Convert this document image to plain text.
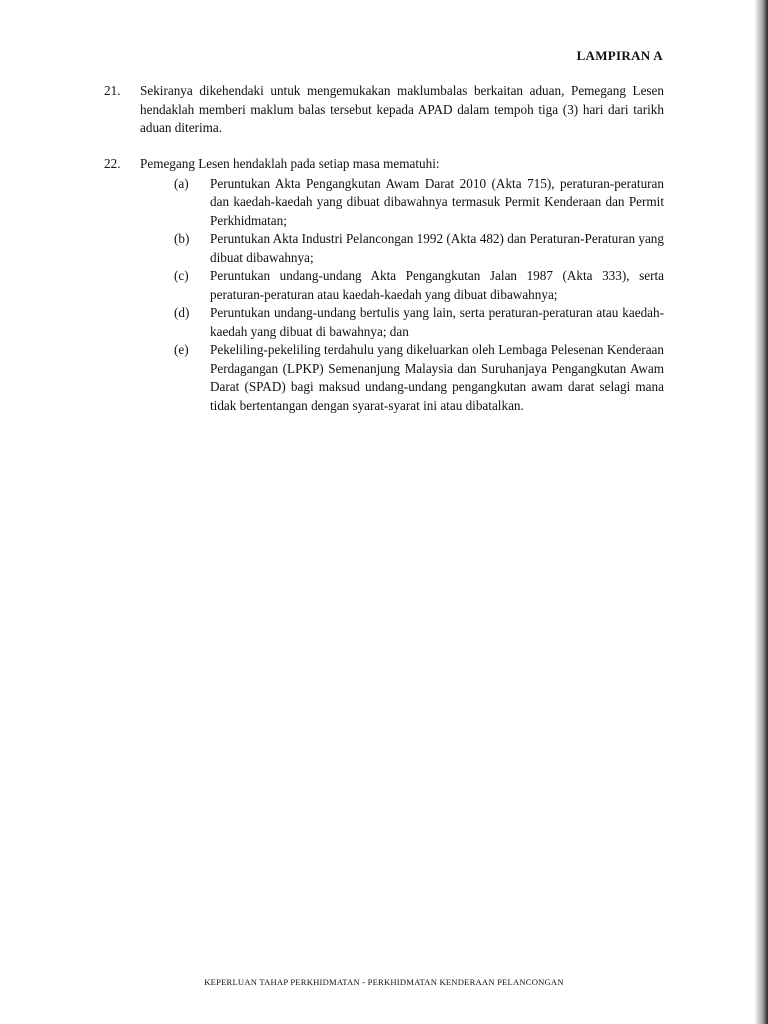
LAMPIRAN A
21.	Sekiranya dikehendaki untuk mengemukakan maklumbalas berkaitan aduan, Pemegang Lesen hendaklah memberi maklum balas tersebut kepada APAD dalam tempoh tiga (3) hari dari tarikh aduan diterima.
22.	Pemegang Lesen hendaklah pada setiap masa mematuhi:
(a) Peruntukan Akta Pengangkutan Awam Darat 2010 (Akta 715), peraturan-peraturan dan kaedah-kaedah yang dibuat dibawahnya termasuk Permit Kenderaan dan Permit Perkhidmatan;
(b) Peruntukan Akta Industri Pelancongan 1992 (Akta 482) dan Peraturan-Peraturan yang dibuat dibawahnya;
(c) Peruntukan undang-undang Akta Pengangkutan Jalan 1987 (Akta 333), serta peraturan-peraturan atau kaedah-kaedah yang dibuat dibawahnya;
(d) Peruntukan undang-undang bertulis yang lain, serta peraturan-peraturan atau kaedah-kaedah yang dibuat di bawahnya; dan
(e) Pekeliling-pekeliling terdahulu yang dikeluarkan oleh Lembaga Pelesenan Kenderaan Perdagangan (LPKP) Semenanjung Malaysia dan Suruhanjaya Pengangkutan Awam Darat (SPAD) bagi maksud undang-undang pengangkutan awam darat selagi mana tidak bertentangan dengan syarat-syarat ini atau dibatalkan.
KEPERLUAN TAHAP PERKHIDMATAN - PERKHIDMATAN KENDERAAN PELANCONGAN
